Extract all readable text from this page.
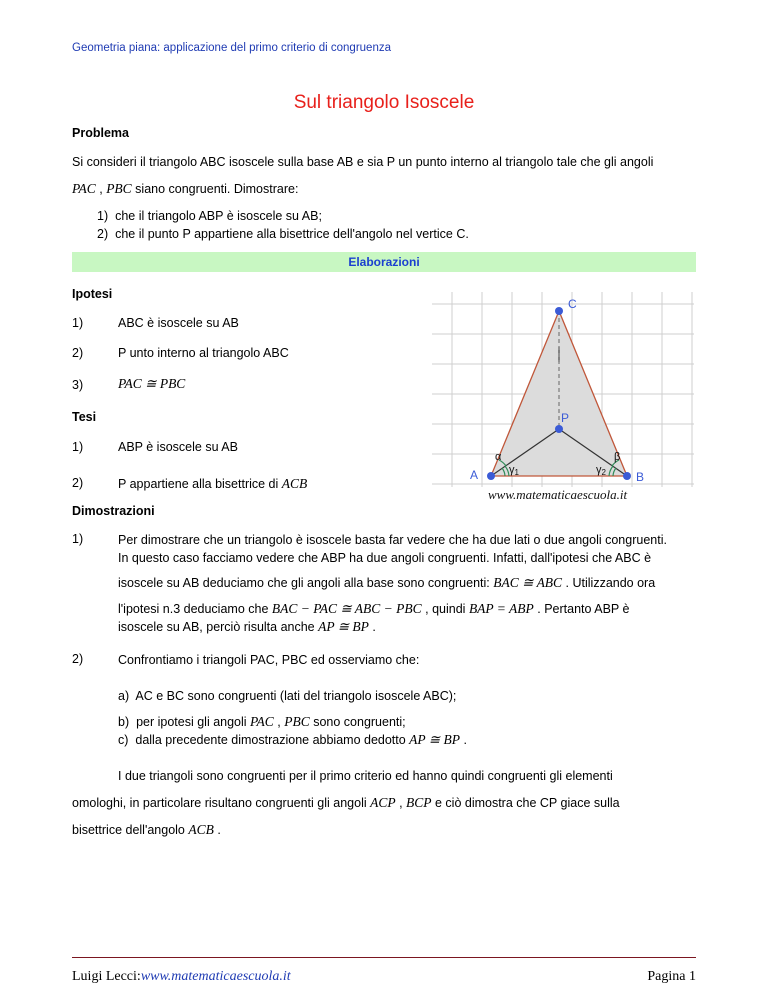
Geometria piana: applicazione del primo criterio di congruenza
Sul triangolo Isoscele
Problema
Si consideri il triangolo ABC isoscele sulla base AB e sia P un punto interno al triangolo tale che gli angoli
PAC , PBC siano congruenti. Dimostrare:
1) che il triangolo ABP è isoscele su AB;
2) che il punto P appartiene alla bisettrice dell'angolo nel vertice C.
Elaborazioni
Ipotesi
1)	ABC è isoscele su AB
2)	P unto interno al triangolo ABC
3)	PAC ≅ PBC
Tesi
1)	ABP è isoscele su AB
2)	P appartiene alla bisettrice di ACB
C
P
A	B
α
γ1
β
γ2
www.matematicaescuola.it
Dimostrazioni
1)	Per dimostrare che un triangolo è isoscele basta far vedere che ha due lati o due angoli congruenti.
In questo caso facciamo vedere che ABP ha due angoli congruenti. Infatti, dall'ipotesi che ABC è
isoscele su AB deduciamo che gli angoli alla base sono congruenti: BAC ≅ ABC . Utilizzando ora
l'ipotesi n.3 deduciamo che BAC − PAC ≅ ABC − PBC , quindi BAP = ABP . Pertanto ABP è
isoscele su AB, perciò risulta anche AP ≅ BP .
2)	Confrontiamo i triangoli PAC, PBC ed osserviamo che:
a) AC e BC sono congruenti (lati del triangolo isoscele ABC);
b) per ipotesi gli angoli PAC , PBC sono congruenti;
c) dalla precedente dimostrazione abbiamo dedotto AP ≅ BP .
I due triangoli sono congruenti per il primo criterio ed hanno quindi congruenti gli elementi
omologhi, in particolare risultano congruenti gli angoli ACP , BCP e ciò dimostra che CP giace sulla
bisettrice dell'angolo ACB .
Luigi Lecci:www.matematicaescuola.it	Pagina 1
